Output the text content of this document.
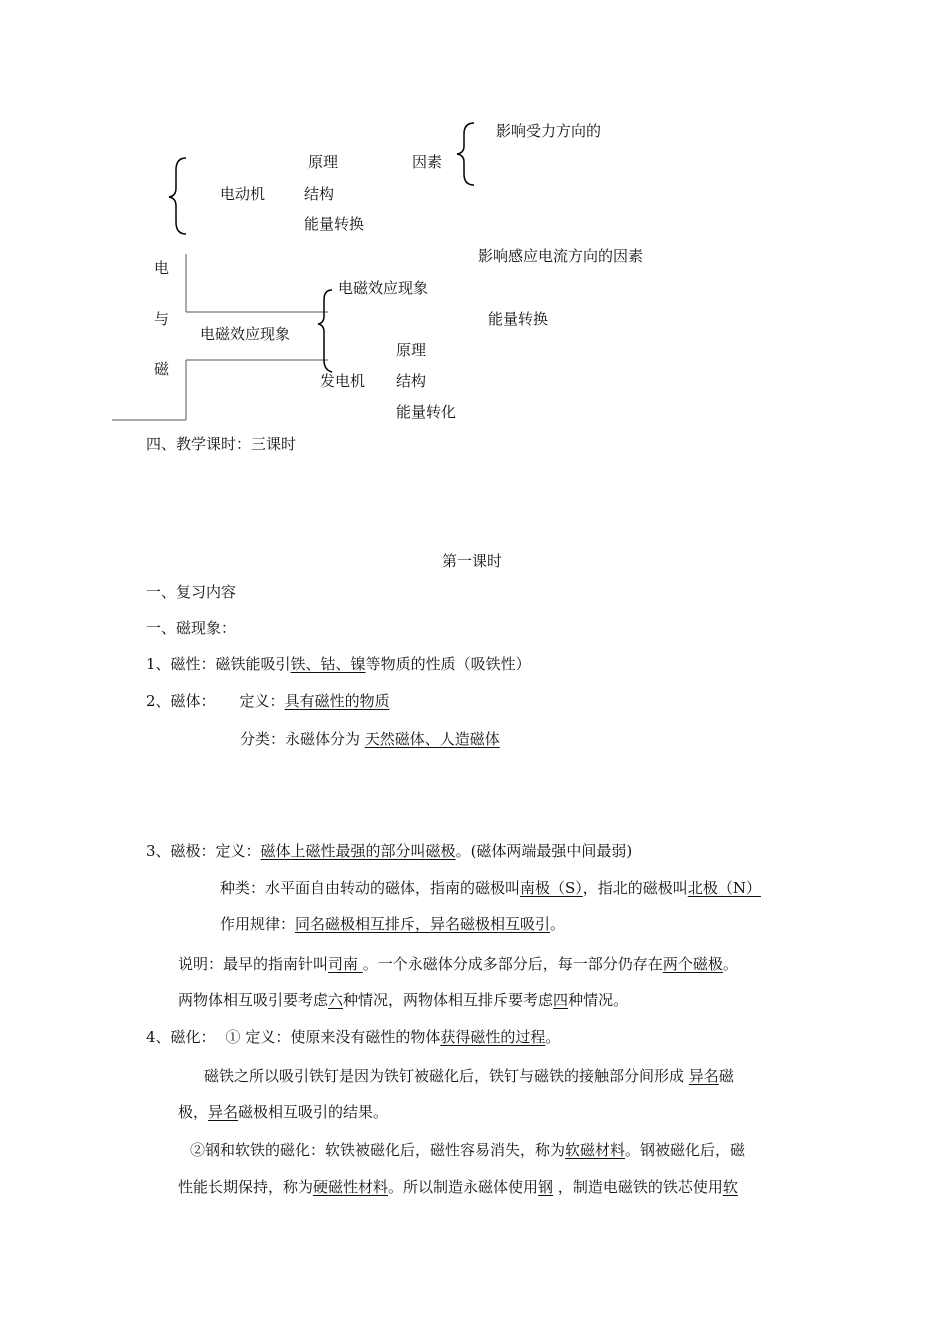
影响受力方向的
原理	因素
电动机	结构
能量转换
影响感应电流方向的因素
电
电磁效应现象
与	能量转换
电磁效应现象
原理
磁
发电机 结构
能量转化
四、教学课时：三课时
第一课时
一、复习内容
一、磁现象：
1、磁性：磁铁能吸引铁、钴、镍等物质的性质（吸铁性）
2、磁体： 定义：具有磁性的物质
分类：永磁体分为 天然磁体、人造磁体
3、磁极：定义：磁体上磁性最强的部分叫磁极。(磁体两端最强中间最弱)
种类：水平面自由转动的磁体，指南的磁极叫南极（S），指北的磁极叫北极（N）
作用规律：同名磁极相互排斥，异名磁极相互吸引。
说明：最早的指南针叫司南 。一个永磁体分成多部分后，每一部分仍存在两个磁极。
两物体相互吸引要考虑六种情况，两物体相互排斥要考虑四种情况。
4、磁化： ① 定义：使原来没有磁性的物体获得磁性的过程。
磁铁之所以吸引铁钉是因为铁钉被磁化后，铁钉与磁铁的接触部分间形成 异名磁
极，异名磁极相互吸引的结果。
②钢和软铁的磁化：软铁被磁化后，磁性容易消失，称为软磁材料。钢被磁化后，磁
性能长期保持，称为硬磁性材料。所以制造永磁体使用钢 ，制造电磁铁的铁芯使用软
